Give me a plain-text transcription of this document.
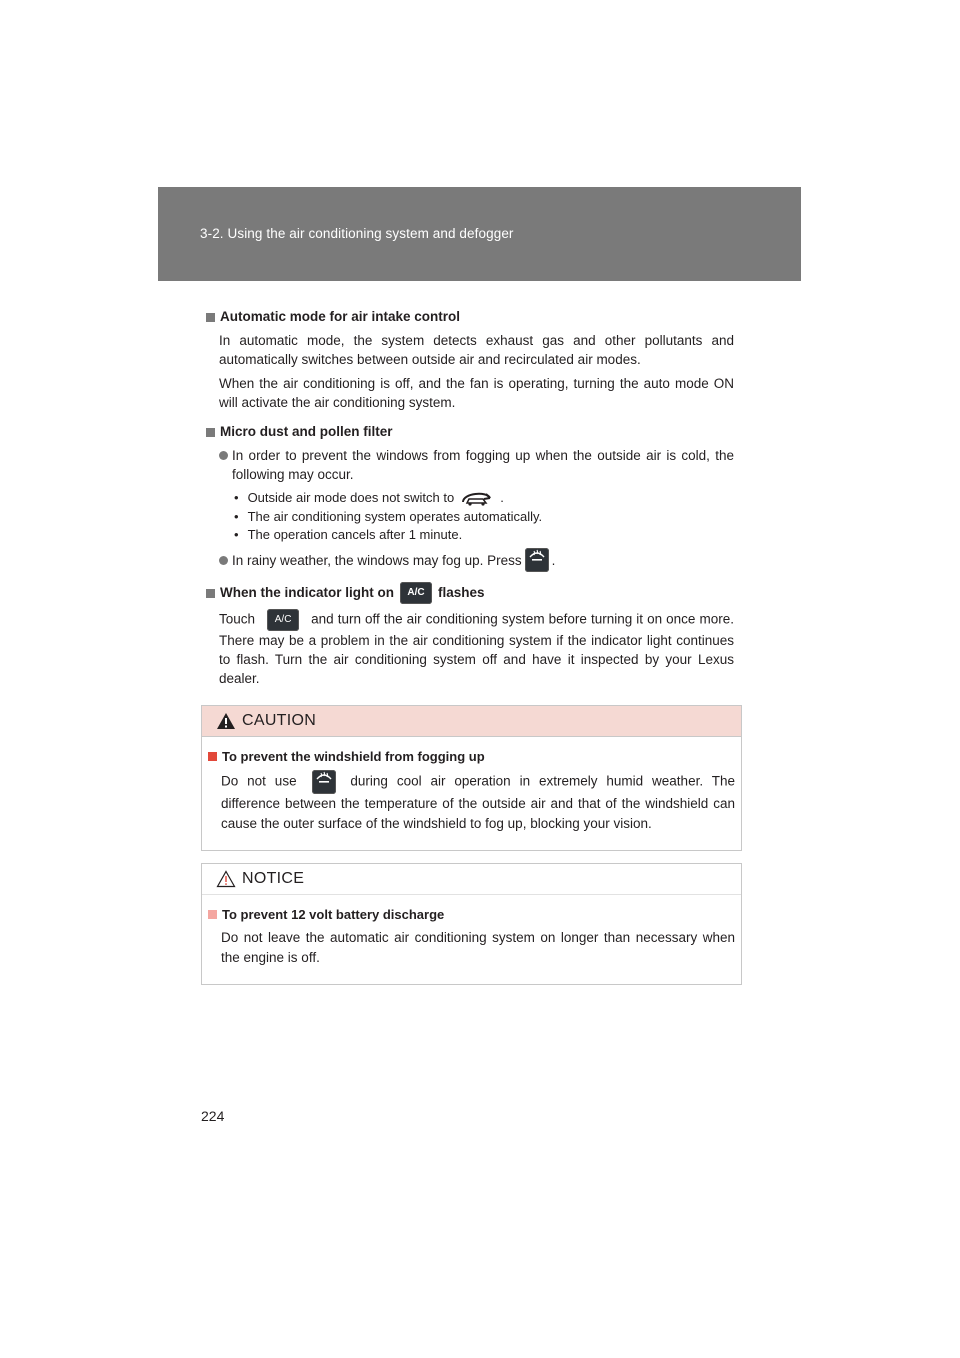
3-2. Using the air conditioning system and defogger
Automatic mode for air intake control
In automatic mode, the system detects exhaust gas and other pollutants and automatically switches between outside air and recirculated air modes.
When the air conditioning is off, and the fan is operating, turning the auto mode ON will activate the air conditioning system.
Micro dust and pollen filter
In order to prevent the windows from fogging up when the outside air is cold, the following may occur.
• Outside air mode does not switch to	.
• The air conditioning system operates automatically.
• The operation cancels after 1 minute.
In rainy weather, the windows may fog up. Press .
When the indicator light on	A/C flashes
Touch A/C and turn off the air conditioning system before turning it on once more. There may be a problem in the air conditioning system if the indicator light continues to flash. Turn the air conditioning system off and have it inspected by your Lexus dealer.
CAUTION
To prevent the windshield from fogging up
Do not use	during cool air operation in extremely humid weather. The difference between the temperature of the outside air and that of the windshield can cause the outer surface of the windshield to fog up, blocking your vision.
NOTICE
To prevent 12 volt battery discharge
Do not leave the automatic air conditioning system on longer than necessary when the engine is off.
224
